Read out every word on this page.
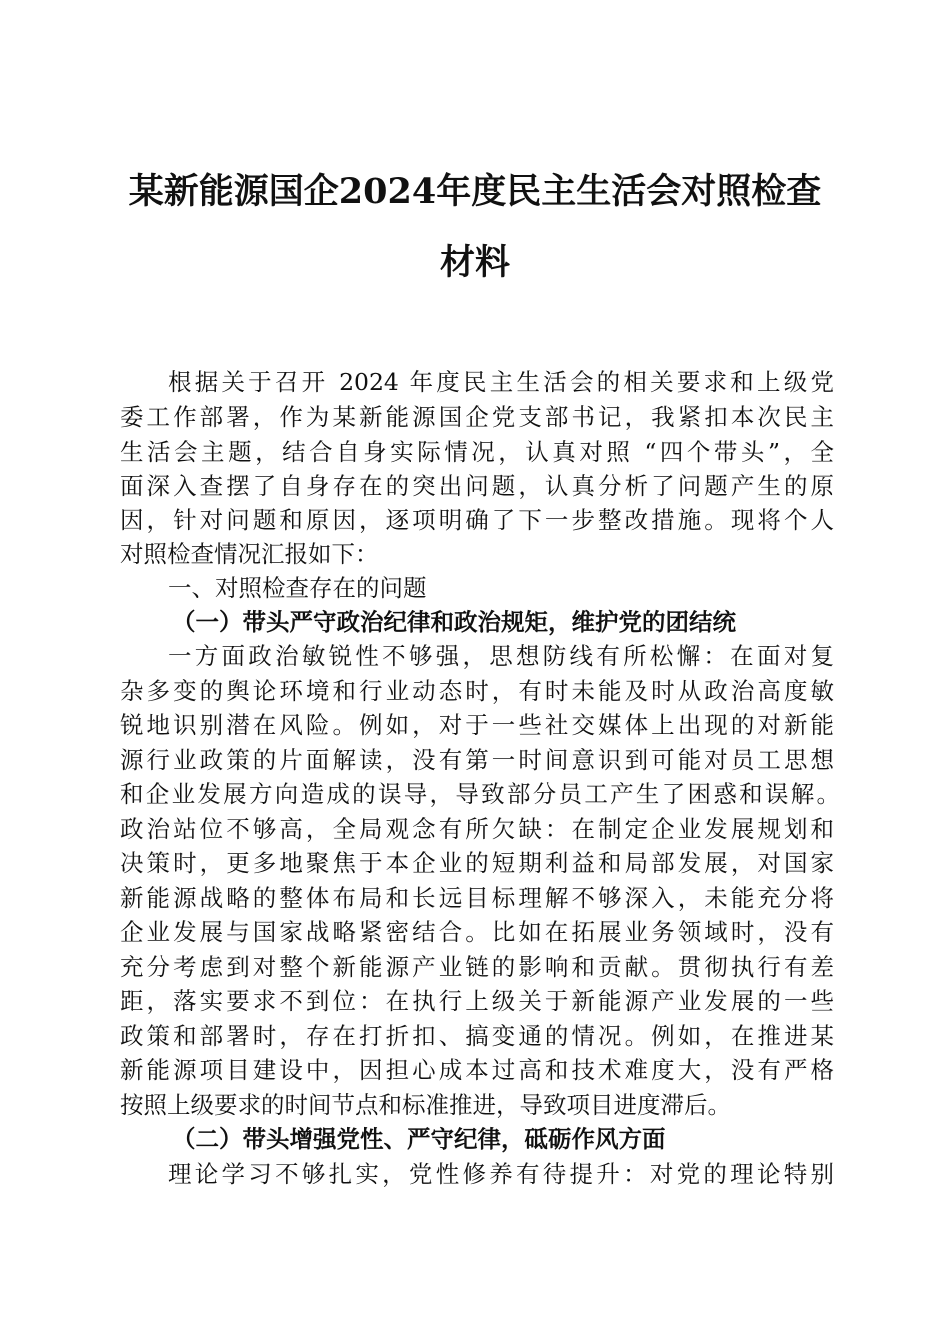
某新能源国企2024年度民主生活会对照检查
材料
根据关于召开 2024 年度民主生活会的相关要求和上级党
委工作部署，作为某新能源国企党支部书记，我紧扣本次民主
生活会主题，结合自身实际情况，认真对照 “四个带头”，全
面深入查摆了自身存在的突出问题，认真分析了问题产生的原
因，针对问题和原因，逐项明确了下一步整改措施。现将个人
对照检查情况汇报如下：
一、对照检查存在的问题
（一）带头严守政治纪律和政治规矩，维护党的团结统
一方面政治敏锐性不够强，思想防线有所松懈：在面对复
杂多变的舆论环境和行业动态时，有时未能及时从政治高度敏
锐地识别潜在风险。例如，对于一些社交媒体上出现的对新能
源行业政策的片面解读，没有第一时间意识到可能对员工思想
和企业发展方向造成的误导，导致部分员工产生了困惑和误解。
政治站位不够高，全局观念有所欠缺：在制定企业发展规划和
决策时，更多地聚焦于本企业的短期利益和局部发展，对国家
新能源战略的整体布局和长远目标理解不够深入，未能充分将
企业发展与国家战略紧密结合。比如在拓展业务领域时，没有
充分考虑到对整个新能源产业链的影响和贡献。贯彻执行有差
距，落实要求不到位：在执行上级关于新能源产业发展的一些
政策和部署时，存在打折扣、搞变通的情况。例如，在推进某
新能源项目建设中，因担心成本过高和技术难度大，没有严格
按照上级要求的时间节点和标准推进，导致项目进度滞后。
（二）带头增强党性、严守纪律，砥砺作风方面
理论学习不够扎实，党性修养有待提升：对党的理论特别
